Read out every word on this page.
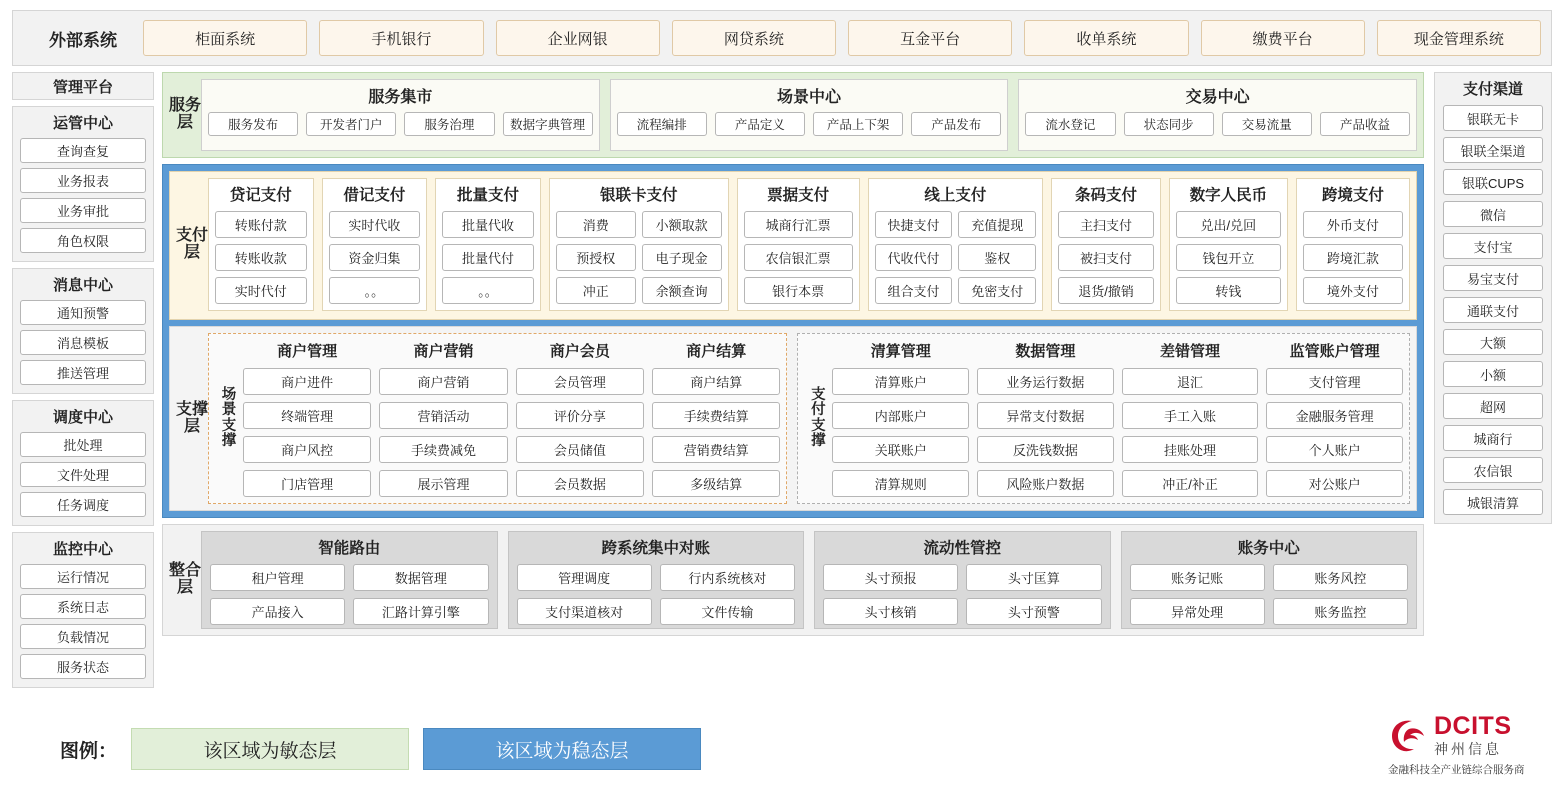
外部系统	柜面系统	手机银行	企业网银	网贷系统	互金平台	收单系统	缴费平台	现金管理系统
管理平台
运管中心
查询查复
业务报表
业务审批
角色权限
消息中心
通知预警
消息模板
推送管理
调度中心
批处理
文件处理
任务调度
监控中心
运行情况
系统日志
负载情况
服务状态
支付渠道
银联无卡
银联全渠道
银联CUPS
微信
支付宝
易宝支付
通联支付
大额
小额
超网
城商行
农信银
城银清算
服务层
服务集市
服务发布	开发者门户	服务治理	数据字典管理
场景中心
流程编排	产品定义	产品上下架	产品发布
交易中心
流水登记	状态同步	交易流量	产品收益
支付层
贷记支付
转账付款
转账收款
实时代付
借记支付
实时代收
资金归集
。。
批量支付
批量代收
批量代付
。。
银联卡支付
消费	小额取款
预授权	电子现金
冲正	余额查询
票据支付
城商行汇票
农信银汇票
银行本票
线上支付
快捷支付	充值提现
代收代付	鉴权
组合支付	免密支付
条码支付
主扫支付
被扫支付
退货/撤销
数字人民币
兑出/兑回
钱包开立
转钱
跨境支付
外币支付
跨境汇款
境外支付
支撑层
场景支撑
商户管理
商户进件
终端管理
商户风控
门店管理
商户营销
商户营销
营销活动
手续费减免
展示管理
商户会员
会员管理
评价分享
会员储值
会员数据
商户结算
商户结算
手续费结算
营销费结算
多级结算
支付支撑
清算管理
清算账户
内部账户
关联账户
清算规则
数据管理
业务运行数据
异常支付数据
反洗钱数据
风险账户数据
差错管理
退汇
手工入账
挂账处理
冲正/补正
监管账户管理
支付管理
金融服务管理
个人账户
对公账户
整合层
智能路由
租户管理	数据管理
产品接入	汇路计算引擎
跨系统集中对账
管理调度	行内系统核对
支付渠道核对	文件传输
流动性管控
头寸预报	头寸匡算
头寸核销	头寸预警
账务中心
账务记账	账务风控
异常处理	账务监控
图例：	该区域为敏态层	该区域为稳态层
DCITS
神州信息
金融科技全产业链综合服务商
